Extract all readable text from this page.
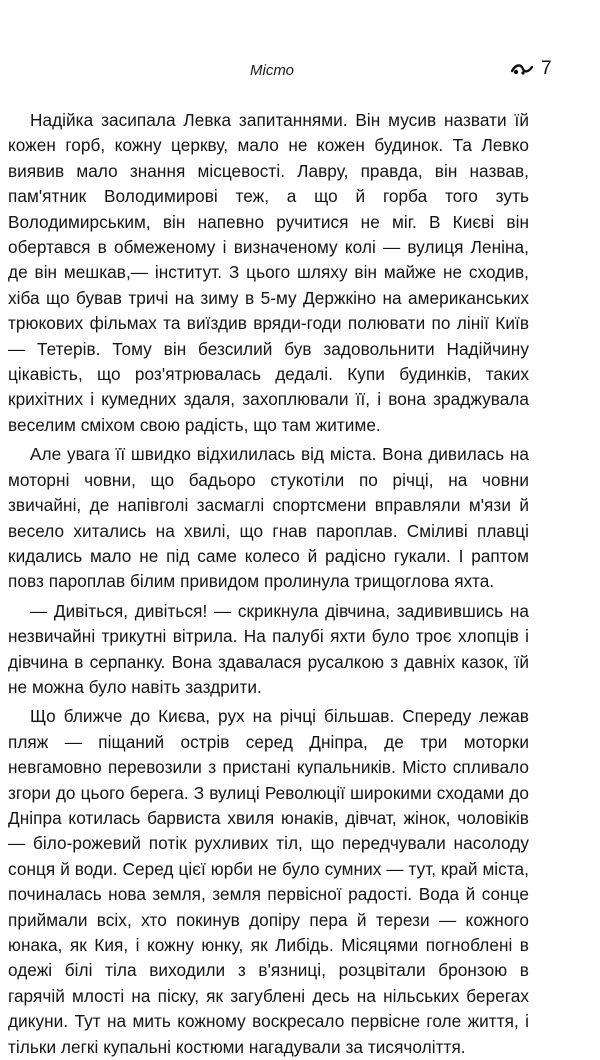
Місто	7
Надійка засипала Левка запитаннями. Він мусив назвати їй
кожен горб, кожну церкву, мало не кожен будинок. Та Левко
виявив мало знання місцевості. Лавру, правда, він назвав,
пам'ятник Володимирові теж, а що й горба того зуть
Володимирським, він напевно ручитися не міг. В Києві він
обертався в обмеженому і визначеному колі — вулиця Леніна,
де він мешкав,— інститут. З цього шляху він майже не сходив,
хіба що бував тричі на зиму в 5-му Держкіно на американських
трюкових фільмах та виїздив вряди-годи полювати по лінії Київ
— Тетерів. Тому він безсилий був задовольнити Надійчину
цікавість, що роз'ятрювалась дедалі. Купи будинків, таких
крихітних і кумедних здаля, захоплювали її, і вона зраджувала
веселим сміхом свою радість, що там житиме.
Але увага її швидко відхилилась від міста. Вона дивилась на
моторні човни, що бадьоро стукотіли по річці, на човни
звичайні, де напівголі засмаглі спортсмени вправляли м'язи й
весело хитались на хвилі, що гнав пароплав. Сміливі плавці
кидались мало не під саме колесо й радісно гукали. І раптом
повз пароплав білим привидом пролинула трищоглова яхта.
— Дивіться, дивіться! — скрикнула дівчина, задивившись на
незвичайні трикутні вітрила. На палубі яхти було троє хлопців і
дівчина в серпанку. Вона здавалася русалкою з давніх казок, їй
не можна було навіть заздрити.
Що ближче до Києва, рух на річці більшав. Спереду лежав
пляж — піщаний острів серед Дніпра, де три моторки
невгамовно перевозили з пристані купальників. Місто спливало
згори до цього берега. З вулиці Революції широкими сходами до
Дніпра котилась барвиста хвиля юнаків, дівчат, жінок, чоловіків
— біло-рожевий потік рухливих тіл, що передчували насолоду
сонця й води. Серед цієї юрби не було сумних — тут, край міста,
починалась нова земля, земля первісної радості. Вода й сонце
приймали всіх, хто покинув допіру пера й терези — кожного
юнака, як Кия, і кожну юнку, як Либідь. Місяцями погноблені в
одежі білі тіла виходили з в'язниці, розцвітали бронзою в
гарячій млості на піску, як загублені десь на нільських берегах
дикуни. Тут на мить кожному воскресало первісне голе життя, і
тільки легкі купальні костюми нагадували за тисячоліття.
